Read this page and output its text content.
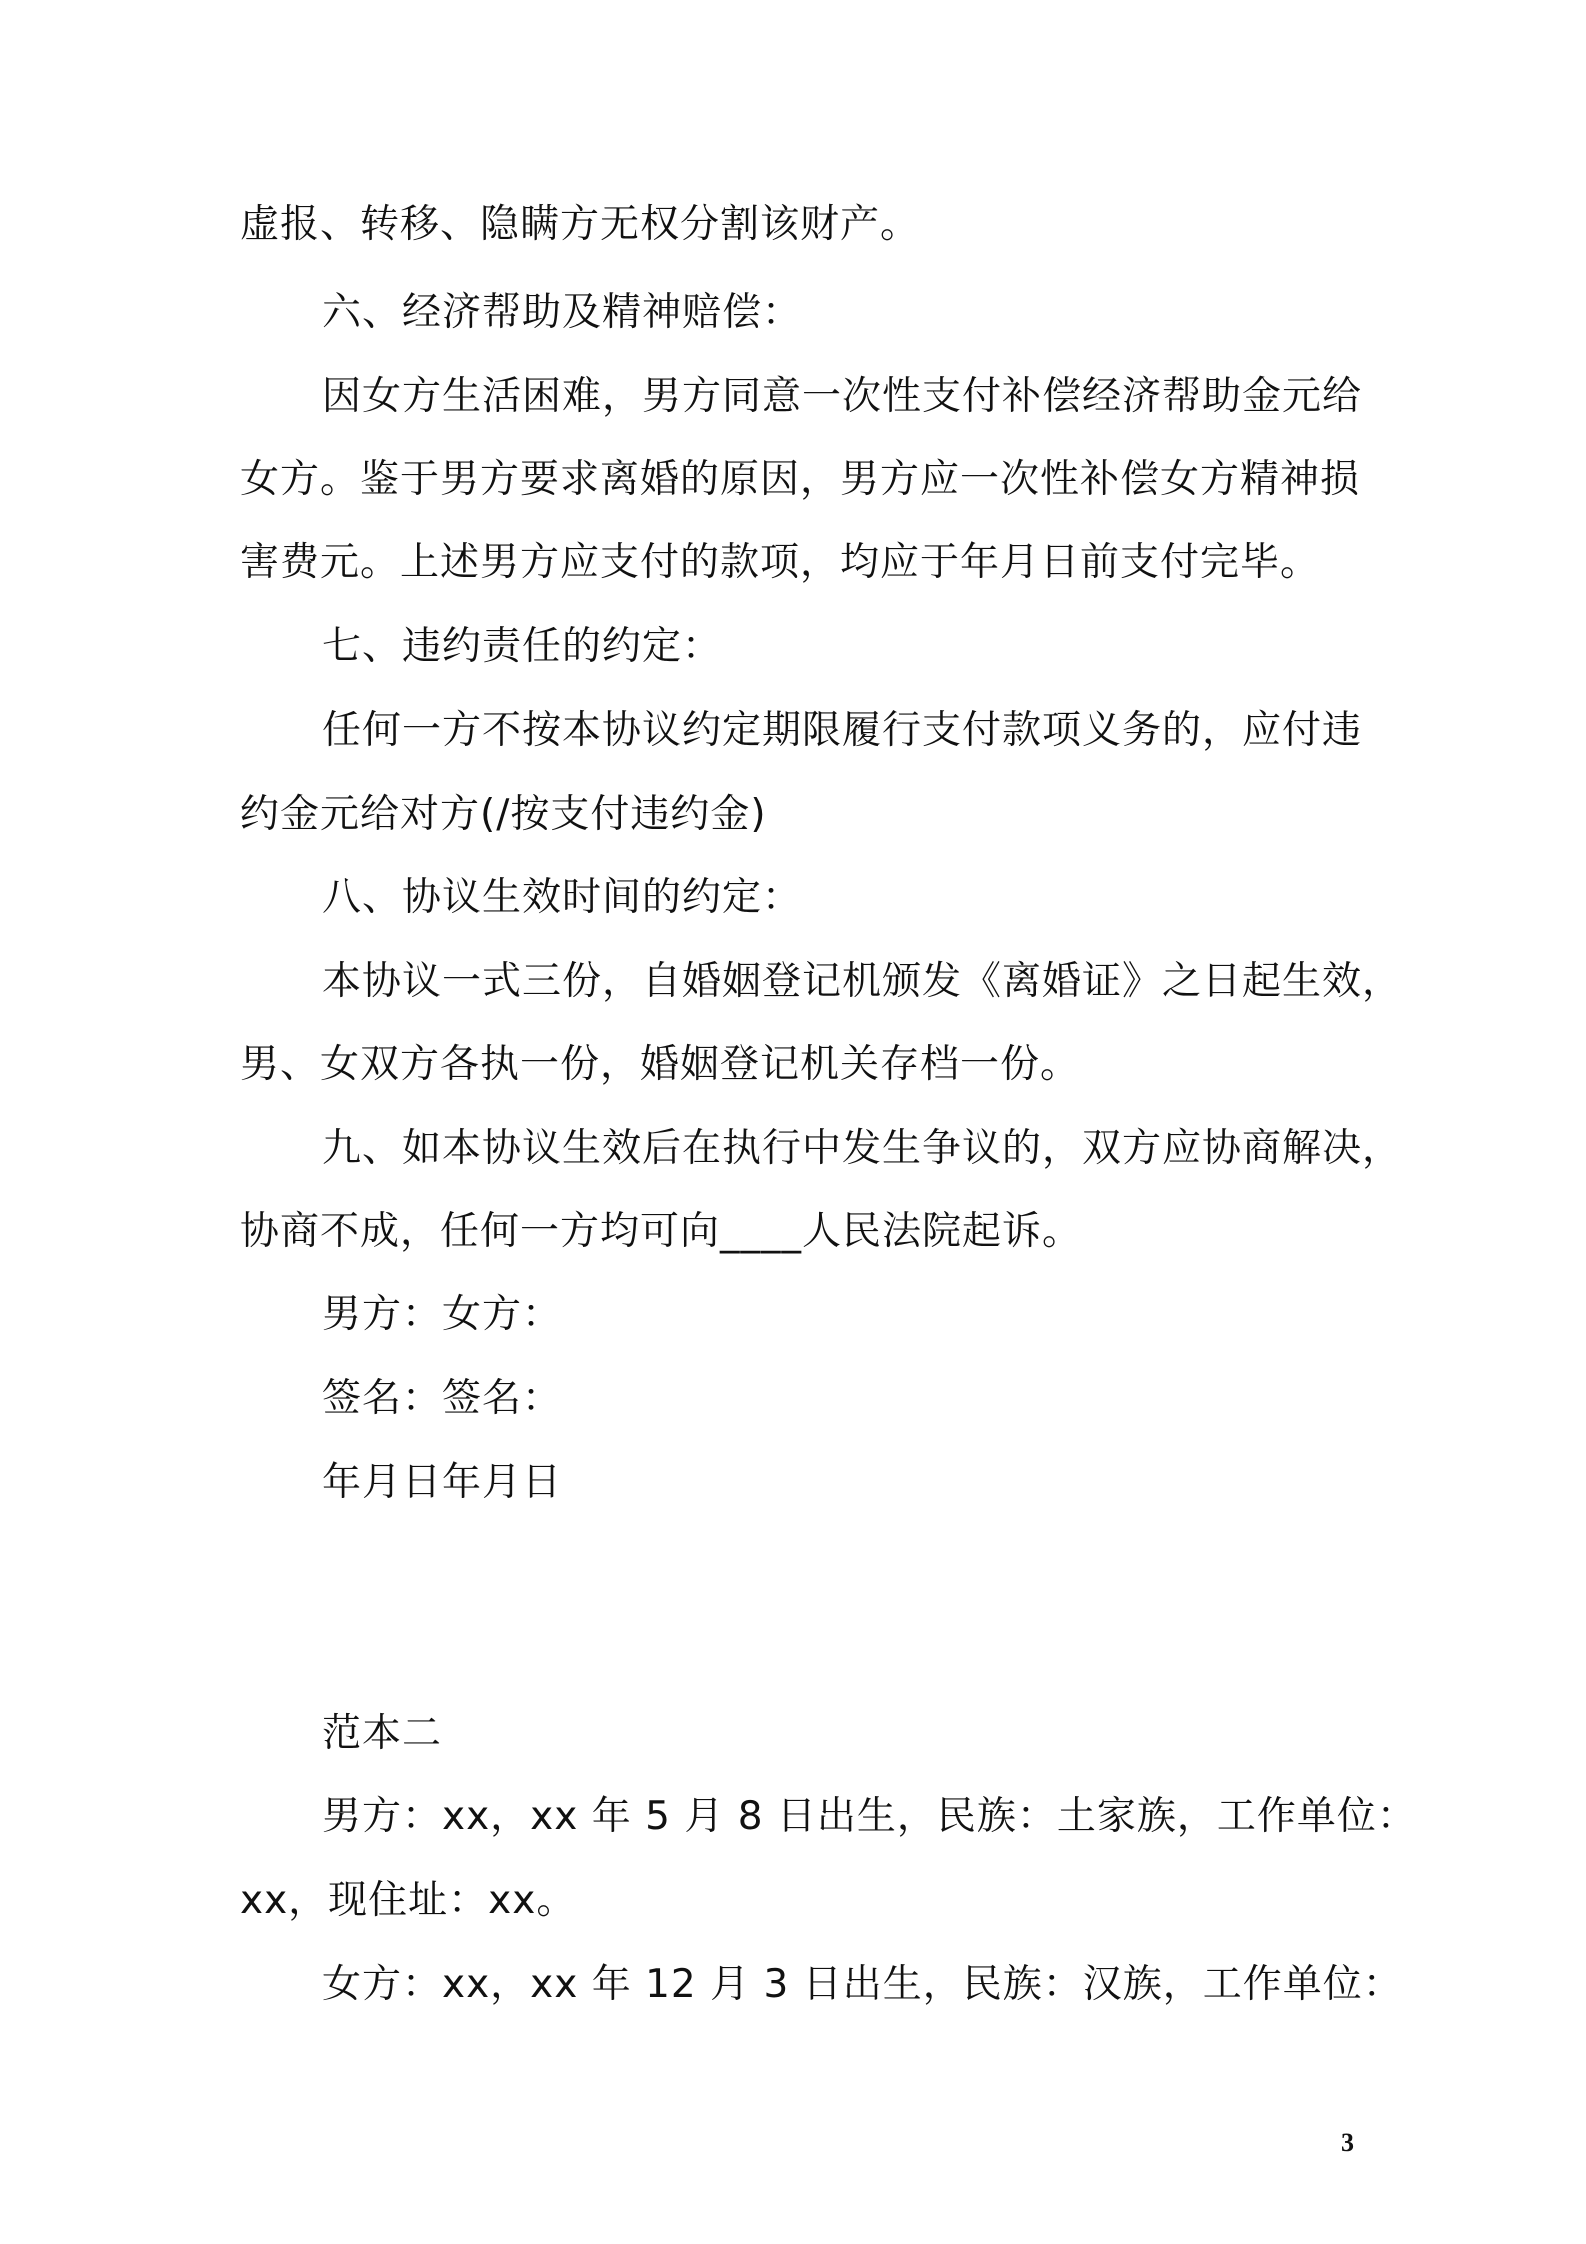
虚报、转移、隐瞒方无权分割该财产。
六、经济帮助及精神赔偿：
因女方生活困难，男方同意一次性支付补偿经济帮助金元给
女方。鉴于男方要求离婚的原因，男方应一次性补偿女方精神损
害费元。上述男方应支付的款项，均应于年月日前支付完毕。
七、违约责任的约定：
任何一方不按本协议约定期限履行支付款项义务的，应付违
约金元给对方(/按支付违约金)
八、协议生效时间的约定：
本协议一式三份，自婚姻登记机颁发《离婚证》之日起生效，
男、女双方各执一份，婚姻登记机关存档一份。
九、如本协议生效后在执行中发生争议的，双方应协商解决，
协商不成，任何一方均可向____人民法院起诉。
男方：女方：
签名：签名：
年月日年月日
范本二
男方：xx，xx 年 5 月 8 日出生，民族：土家族，工作单位：
xx，现住址：xx。
女方：xx，xx 年 12 月 3 日出生，民族：汉族，工作单位：
3
